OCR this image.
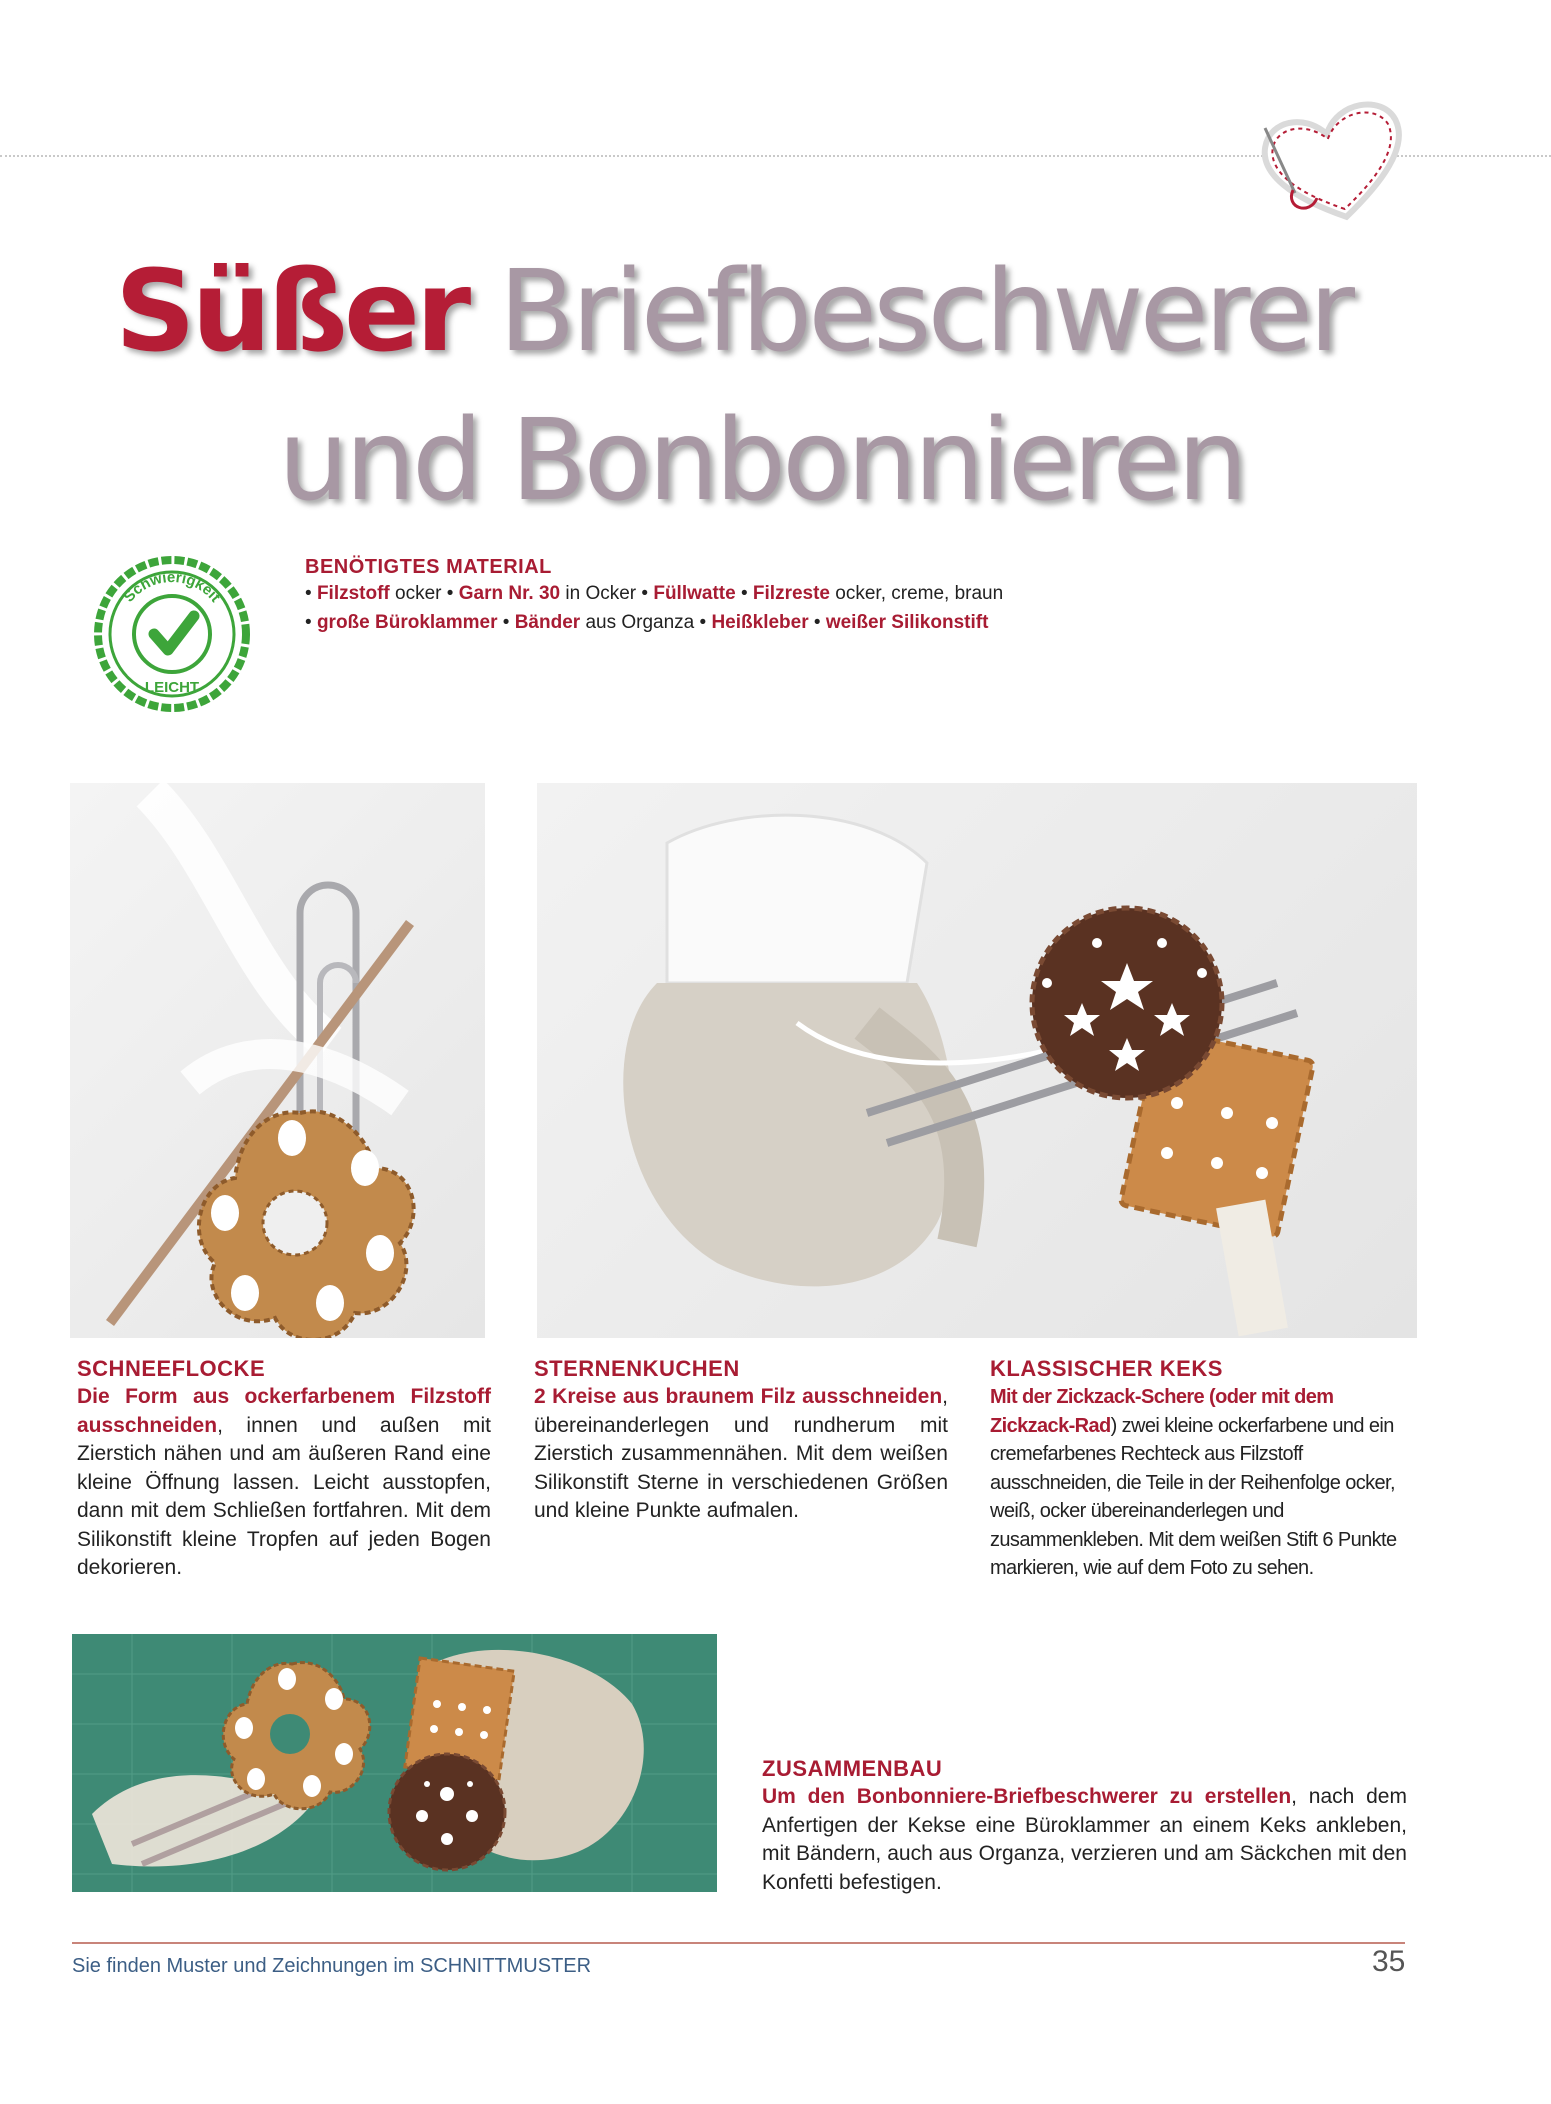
Süßer Briefbeschwerer
und Bonbonnieren
Schwierigkeit
LEICHT
BENÖTIGTES MATERIAL
• Filzstoff ocker • Garn Nr. 30 in Ocker • Füllwatte • Filzreste ocker, creme, braun
• große Büroklammer • Bänder aus Organza • Heißkleber • weißer Silikonstift

SCHNEEFLOCKE

Die Form aus ockerfarbenem Filzstoff ausschneiden, innen und außen mit Zierstich nähen und am äußeren Rand eine kleine Öffnung lassen. Leicht ausstopfen, dann mit dem Schließen fortfahren. Mit dem Silikonstift kleine Tropfen auf jeden Bogen dekorieren.

STERNENKUCHEN

2 Kreise aus braunem Filz ausschneiden, übereinanderlegen und rundherum mit Zierstich zusammennähen. Mit dem weißen Silikonstift Sterne in verschiedenen Größen und kleine Punkte aufmalen.

KLASSISCHER KEKS

Mit der Zickzack-Schere (oder mit dem Zickzack-Rad) zwei kleine ockerfarbene und ein cremefarbenes Rechteck aus Filzstoff ausschneiden, die Teile in der Reihenfolge ocker, weiß, ocker übereinanderlegen und zusammenkleben. Mit dem weißen Stift 6 Punkte markieren, wie auf dem Foto zu sehen.

ZUSAMMENBAU

Um den Bonbonniere-Briefbeschwerer zu erstellen, nach dem Anfertigen der Kekse eine Büroklammer an einem Keks ankleben, mit Bändern, auch aus Organza, verzieren und am Säckchen mit den Konfetti befestigen.

Sie finden Muster und Zeichnungen im SCHNITTMUSTER	35
